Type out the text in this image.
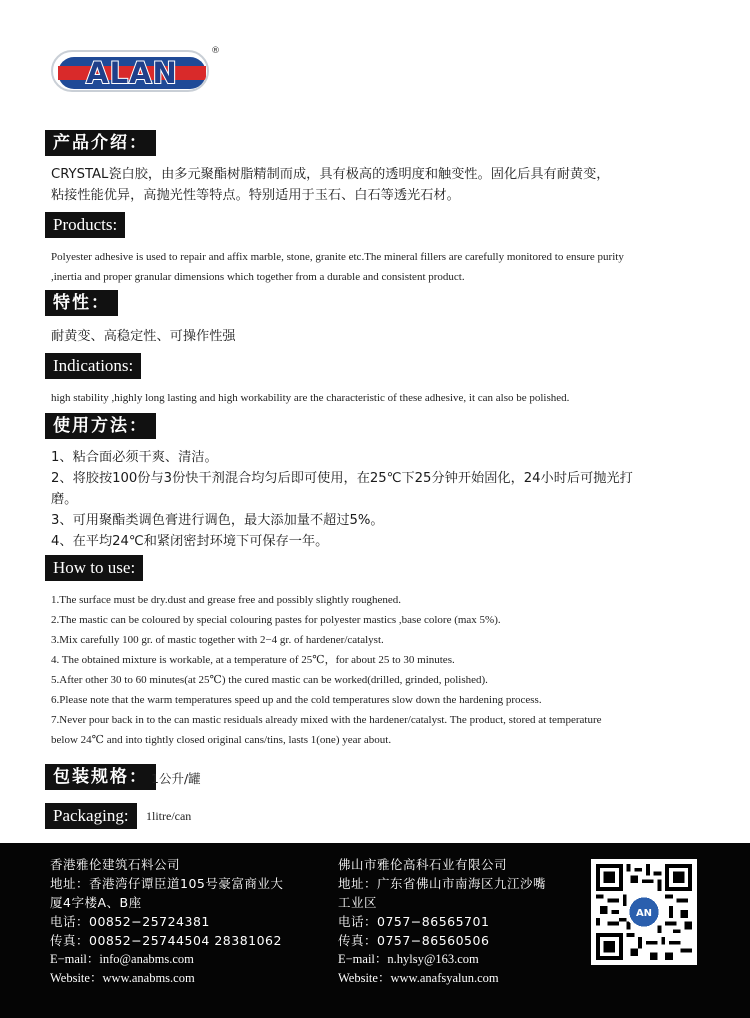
ALAN
®
产品介绍：
CRYSTAL瓷白胶，由多元聚酯树脂精制而成，具有极高的透明度和触变性。固化后具有耐黄变，
粘接性能优异，高抛光性等特点。特别适用于玉石、白石等透光石材。
Products:
Polyester adhesive is used to repair and affix marble, stone, granite etc.The mineral fillers are carefully monitored to ensure purity
,inertia and proper granular dimensions which together from a durable and consistent product.
特性：
耐黄变、高稳定性、可操作性强
Indications:
high stability ,highly long lasting and high workability are the characteristic of these adhesive, it can also be polished.
使用方法：
1、粘合面必须干爽、清洁。
2、将胶按100份与3份快干剂混合均匀后即可使用，在25℃下25分钟开始固化，24小时后可抛光打
磨。
3、可用聚酯类调色膏进行调色，最大添加量不超过5%。
4、在平均24℃和紧闭密封环境下可保存一年。
How to use:
1.The surface must be dry.dust and grease free and possibly slightly roughened.
2.The mastic can be coloured by special colouring pastes for polyester mastics ,base colore (max 5%).
3.Mix carefully 100 gr. of mastic together with 2−4 gr. of hardener/catalyst.
4. The obtained mixture is workable, at a temperature of 25℃，for about 25 to 30 minutes.
5.After other 30 to 60 minutes(at 25℃) the cured mastic can be worked(drilled, grinded, polished).
6.Please note that the warm temperatures speed up and the cold temperatures slow down the hardening process.
7.Never pour back in to the can mastic residuals already mixed with the hardener/catalyst. The product, stored at temperature
below 24℃ and into tightly closed original cans/tins, lasts 1(one) year about.
包装规格： 1公升/罐
Packaging:	1litre/can
香港雅伦建筑石料公司
地址：香港湾仔谭臣道105号豪富商业大
厦4字楼A、B座
电话：00852−25724381
传真：00852−25744504 28381062
E−mail：info@anabms.com
Website：www.anabms.com
佛山市雅伦高科石业有限公司
地址：广东省佛山市南海区九江沙嘴
工业区
电话：0757−86565701
传真：0757−86560506
E−mail：n.hylsy@163.com
Website：www.anafsyalun.com
AN
